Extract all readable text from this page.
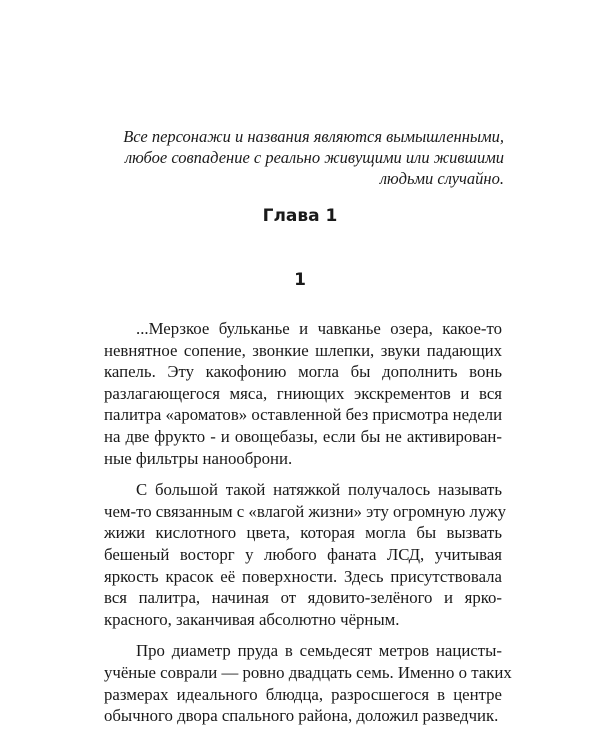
Все персонажи и названия являются вымышленными,
любое совпадение с реально живущими или жившими
людьми случайно.
Глава 1
1

...Мерзкое бульканье и чавканье озера, какое-то
невнятное сопение, звонкие шлепки, звуки падающих
капель. Эту какофонию могла бы дополнить вонь
разлагающегося мяса, гниющих экскрементов и вся
палитра «ароматов» оставленной без присмотра недели
на две фрукто - и овощебазы, если бы не активирован-
ные фильтры нанооброни.

С большой такой натяжкой получалось называть
чем-то связанным с «влагой жизни» эту огромную лужу
жижи кислотного цвета, которая могла бы вызвать
бешеный восторг у любого фаната ЛСД, учитывая
яркость красок её поверхности. Здесь присутствовала
вся палитра, начиная от ядовито-зелёного и ярко-
красного, заканчивая абсолютно чёрным.

Про диаметр пруда в семьдесят метров нацисты-
учёные соврали — ровно двадцать семь. Именно о таких
размерах идеального блюдца, разросшегося в центре
обычного двора спального района, доложил разведчик.
